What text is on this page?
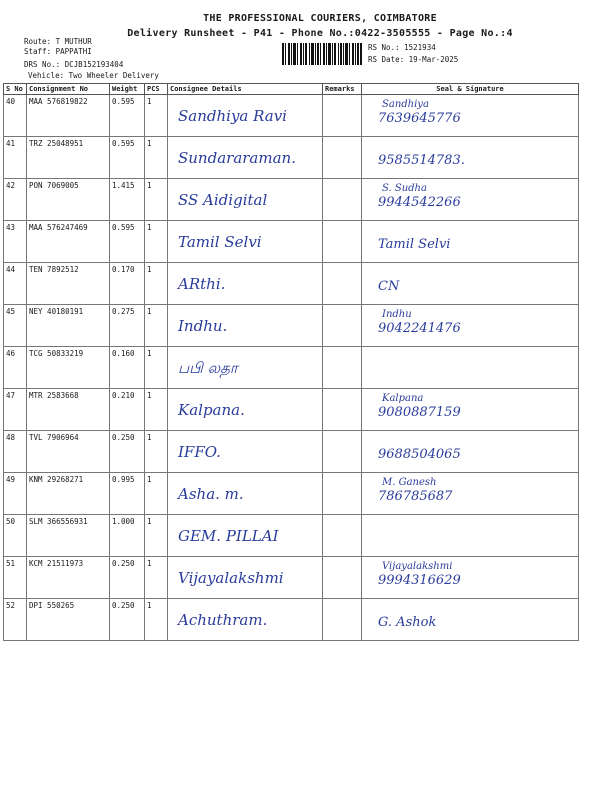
THE PROFESSIONAL COURIERS, COIMBATORE
Delivery Runsheet - P41 - Phone No.:0422-3505555 - Page No.:4
Route: T MUTHUR
Staff: PAPPATHI
DRS No.: DCJB152193404
Vehicle: Two Wheeler Delivery
RS No.: 1521934
RS Date: 19-Mar-2025
S No	Consignment No	Weight	PCS	Consignee Details	Remarks	Seal & Signature
40	MAA 576819822	0.595	1	Sandhiya Ravi		Sandhiya
7639645776

41	TRZ 25048951	0.595	1	Sundararaman.		9585514783.

42	PON 7069005	1.415	1	SS Aidigital		S. Sudha
9944542266

43	MAA 576247469	0.595	1	Tamil Selvi		Tamil Selvi

44	TEN 7892512	0.170	1	ARthi.		CN

45	NEY 40180191	0.275	1	Indhu.		Indhu
9042241476

46	TCG 50833219	0.160	1	பபி லதா		

47	MTR 2583668	0.210	1	Kalpana.		Kalpana
9080887159

48	TVL 7906964	0.250	1	IFFO.		9688504065

49	KNM 29268271	0.995	1	Asha. m.		M. Ganesh
786785687

50	SLM 366556931	1.000	1	GEM. PILLAI		

51	KCM 21511973	0.250	1	Vijayalakshmi		Vijayalakshmi
9994316629

52	DPI 550265	0.250	1	Achuthram.		G. Ashok
